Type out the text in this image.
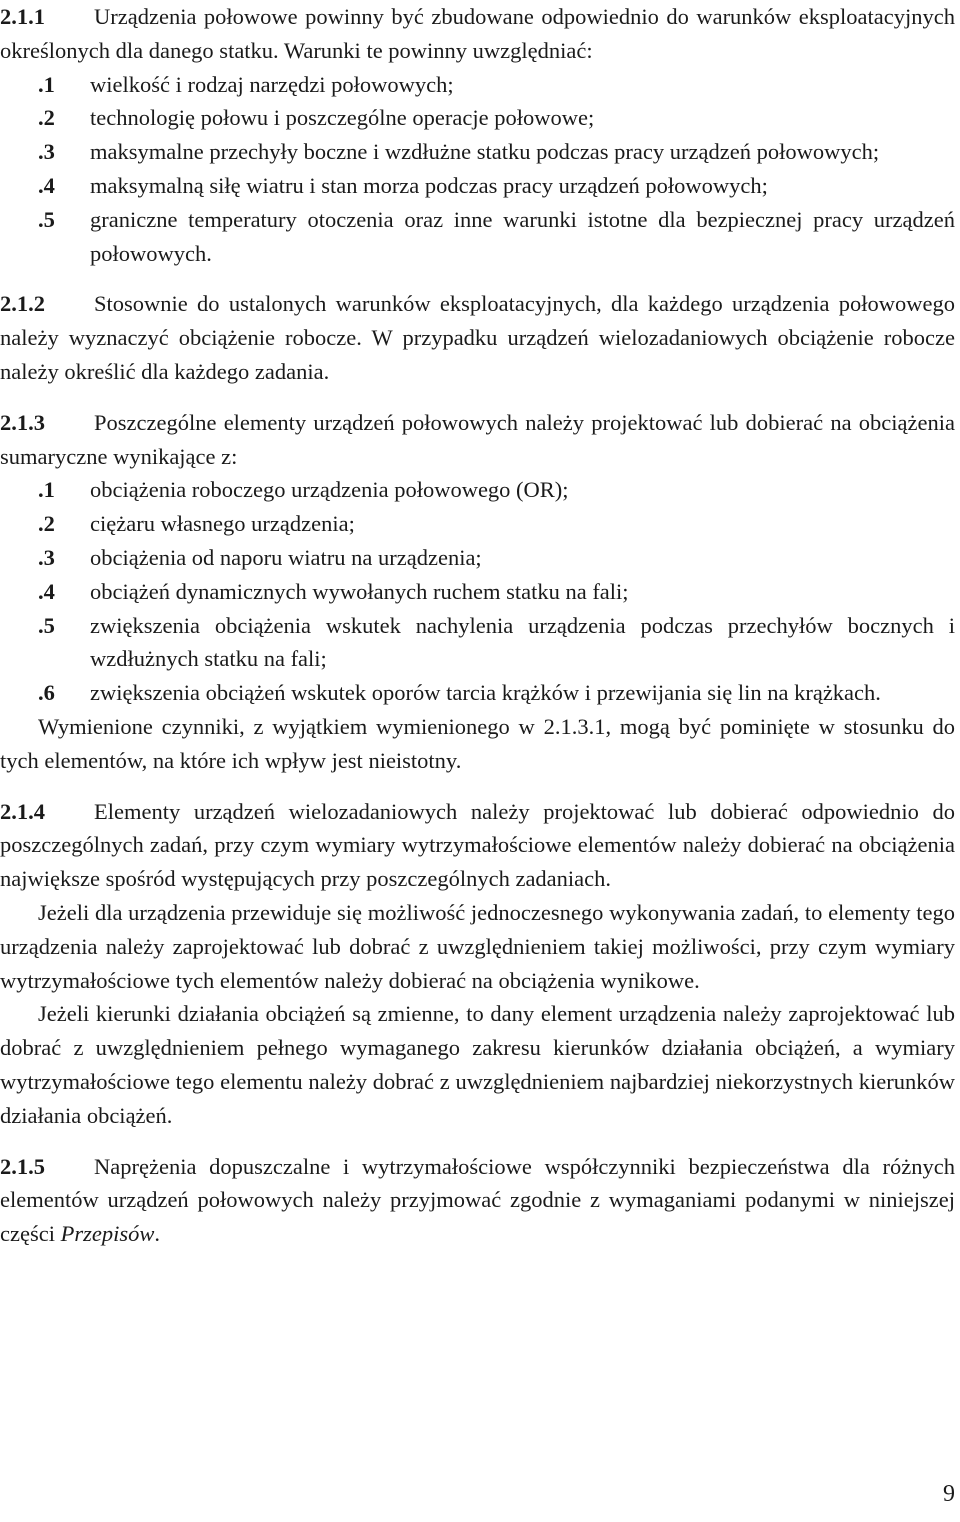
2.1.1 Urządzenia połowowe powinny być zbudowane odpowiednio do warunków eksploatacyjnych określonych dla danego statku. Warunki te powinny uwzględniać:

.1	wielkość i rodzaj narzędzi połowowych;
.2	technologię połowu i poszczególne operacje połowowe;
.3	maksymalne przechyły boczne i wzdłużne statku podczas pracy urządzeń połowowych;
.4	maksymalną siłę wiatru i stan morza podczas pracy urządzeń połowowych;
.5	graniczne temperatury otoczenia oraz inne warunki istotne dla bezpiecznej pracy urządzeń połowowych.

2.1.2 Stosownie do ustalonych warunków eksploatacyjnych, dla każdego urządzenia połowowego należy wyznaczyć obciążenie robocze. W przypadku urządzeń wielozadaniowych obciążenie robocze należy określić dla każdego zadania.

2.1.3 Poszczególne elementy urządzeń połowowych należy projektować lub dobierać na obciążenia sumaryczne wynikające z:

.1	obciążenia roboczego urządzenia połowowego (OR);
.2	ciężaru własnego urządzenia;
.3	obciążenia od naporu wiatru na urządzenia;
.4	obciążeń dynamicznych wywołanych ruchem statku na fali;
.5	zwiększenia obciążenia wskutek nachylenia urządzenia podczas przechyłów bocznych i wzdłużnych statku na fali;
.6	zwiększenia obciążeń wskutek oporów tarcia krążków i przewijania się lin na krążkach.

Wymienione czynniki, z wyjątkiem wymienionego w 2.1.3.1, mogą być pominięte w stosunku do tych elementów, na które ich wpływ jest nieistotny.

2.1.4 Elementy urządzeń wielozadaniowych należy projektować lub dobierać odpowiednio do poszczególnych zadań, przy czym wymiary wytrzymałościowe elementów należy dobierać na obciążenia największe spośród występujących przy poszczególnych zadaniach.

Jeżeli dla urządzenia przewiduje się możliwość jednoczesnego wykonywania zadań, to elementy tego urządzenia należy zaprojektować lub dobrać z uwzględnieniem takiej możliwości, przy czym wymiary wytrzymałościowe tych elementów należy dobierać na obciążenia wynikowe.

Jeżeli kierunki działania obciążeń są zmienne, to dany element urządzenia należy zaprojektować lub dobrać z uwzględnieniem pełnego wymaganego zakresu kierunków działania obciążeń, a wymiary wytrzymałościowe tego elementu należy dobrać z uwzględnieniem najbardziej niekorzystnych kierunków działania obciążeń.

2.1.5 Naprężenia dopuszczalne i wytrzymałościowe współczynniki bezpieczeństwa dla różnych elementów urządzeń połowowych należy przyjmować zgodnie z wymaganiami podanymi w niniejszej części Przepisów.

9
